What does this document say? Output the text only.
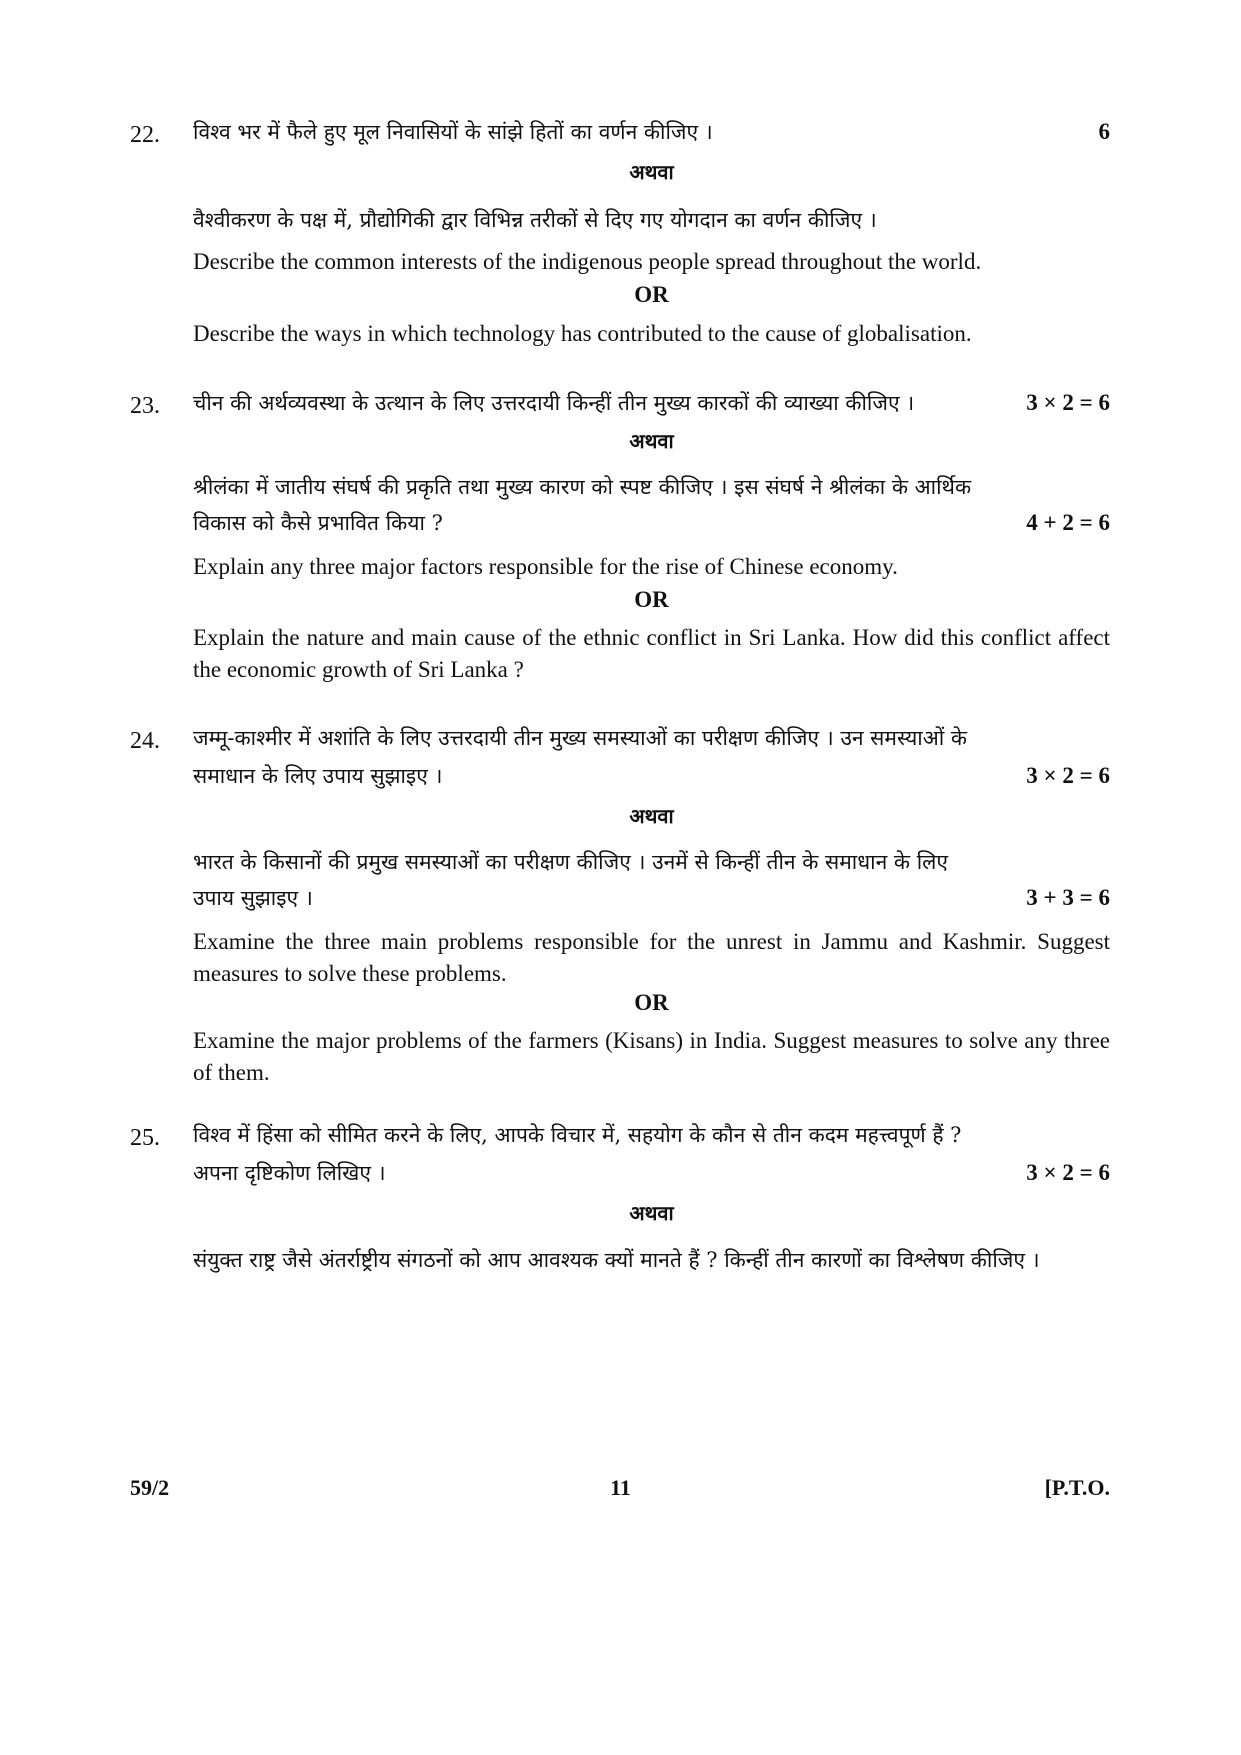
22. विश्व भर में फैले हुए मूल निवासियों के सांझे हितों का वर्णन कीजिए ।	6
अथवा
वैश्वीकरण के पक्ष में, प्रौद्योगिकी द्वार विभिन्न तरीकों से दिए गए योगदान का वर्णन कीजिए ।
Describe the common interests of the indigenous people spread throughout the world.
OR
Describe the ways in which technology has contributed to the cause of globalisation.
23. चीन की अर्थव्यवस्था के उत्थान के लिए उत्तरदायी किन्हीं तीन मुख्य कारकों की व्याख्या कीजिए ।	3 × 2 = 6
अथवा
श्रीलंका में जातीय संघर्ष की प्रकृति तथा मुख्य कारण को स्पष्ट कीजिए । इस संघर्ष ने श्रीलंका के आर्थिक
विकास को कैसे प्रभावित किया ?	4 + 2 = 6
Explain any three major factors responsible for the rise of Chinese economy.
OR
Explain the nature and main cause of the ethnic conflict in Sri Lanka. How did this conflict affect the economic growth of Sri Lanka ?
24. जम्मू-काश्मीर में अशांति के लिए उत्तरदायी तीन मुख्य समस्याओं का परीक्षण कीजिए । उन समस्याओं के
समाधान के लिए उपाय सुझाइए ।	3 × 2 = 6
अथवा
भारत के किसानों की प्रमुख समस्याओं का परीक्षण कीजिए । उनमें से किन्हीं तीन के समाधान के लिए
उपाय सुझाइए ।	3 + 3 = 6
Examine the three main problems responsible for the unrest in Jammu and Kashmir. Suggest measures to solve these problems.
OR
Examine the major problems of the farmers (Kisans) in India. Suggest measures to solve any three of them.
25. विश्व में हिंसा को सीमित करने के लिए, आपके विचार में, सहयोग के कौन से तीन कदम महत्त्वपूर्ण हैं ?
अपना दृष्टिकोण लिखिए ।	3 × 2 = 6
अथवा
संयुक्त राष्ट्र जैसे अंतर्राष्ट्रीय संगठनों को आप आवश्यक क्यों मानते हैं ? किन्हीं तीन कारणों का विश्लेषण कीजिए ।
59/2	11	[P.T.O.
